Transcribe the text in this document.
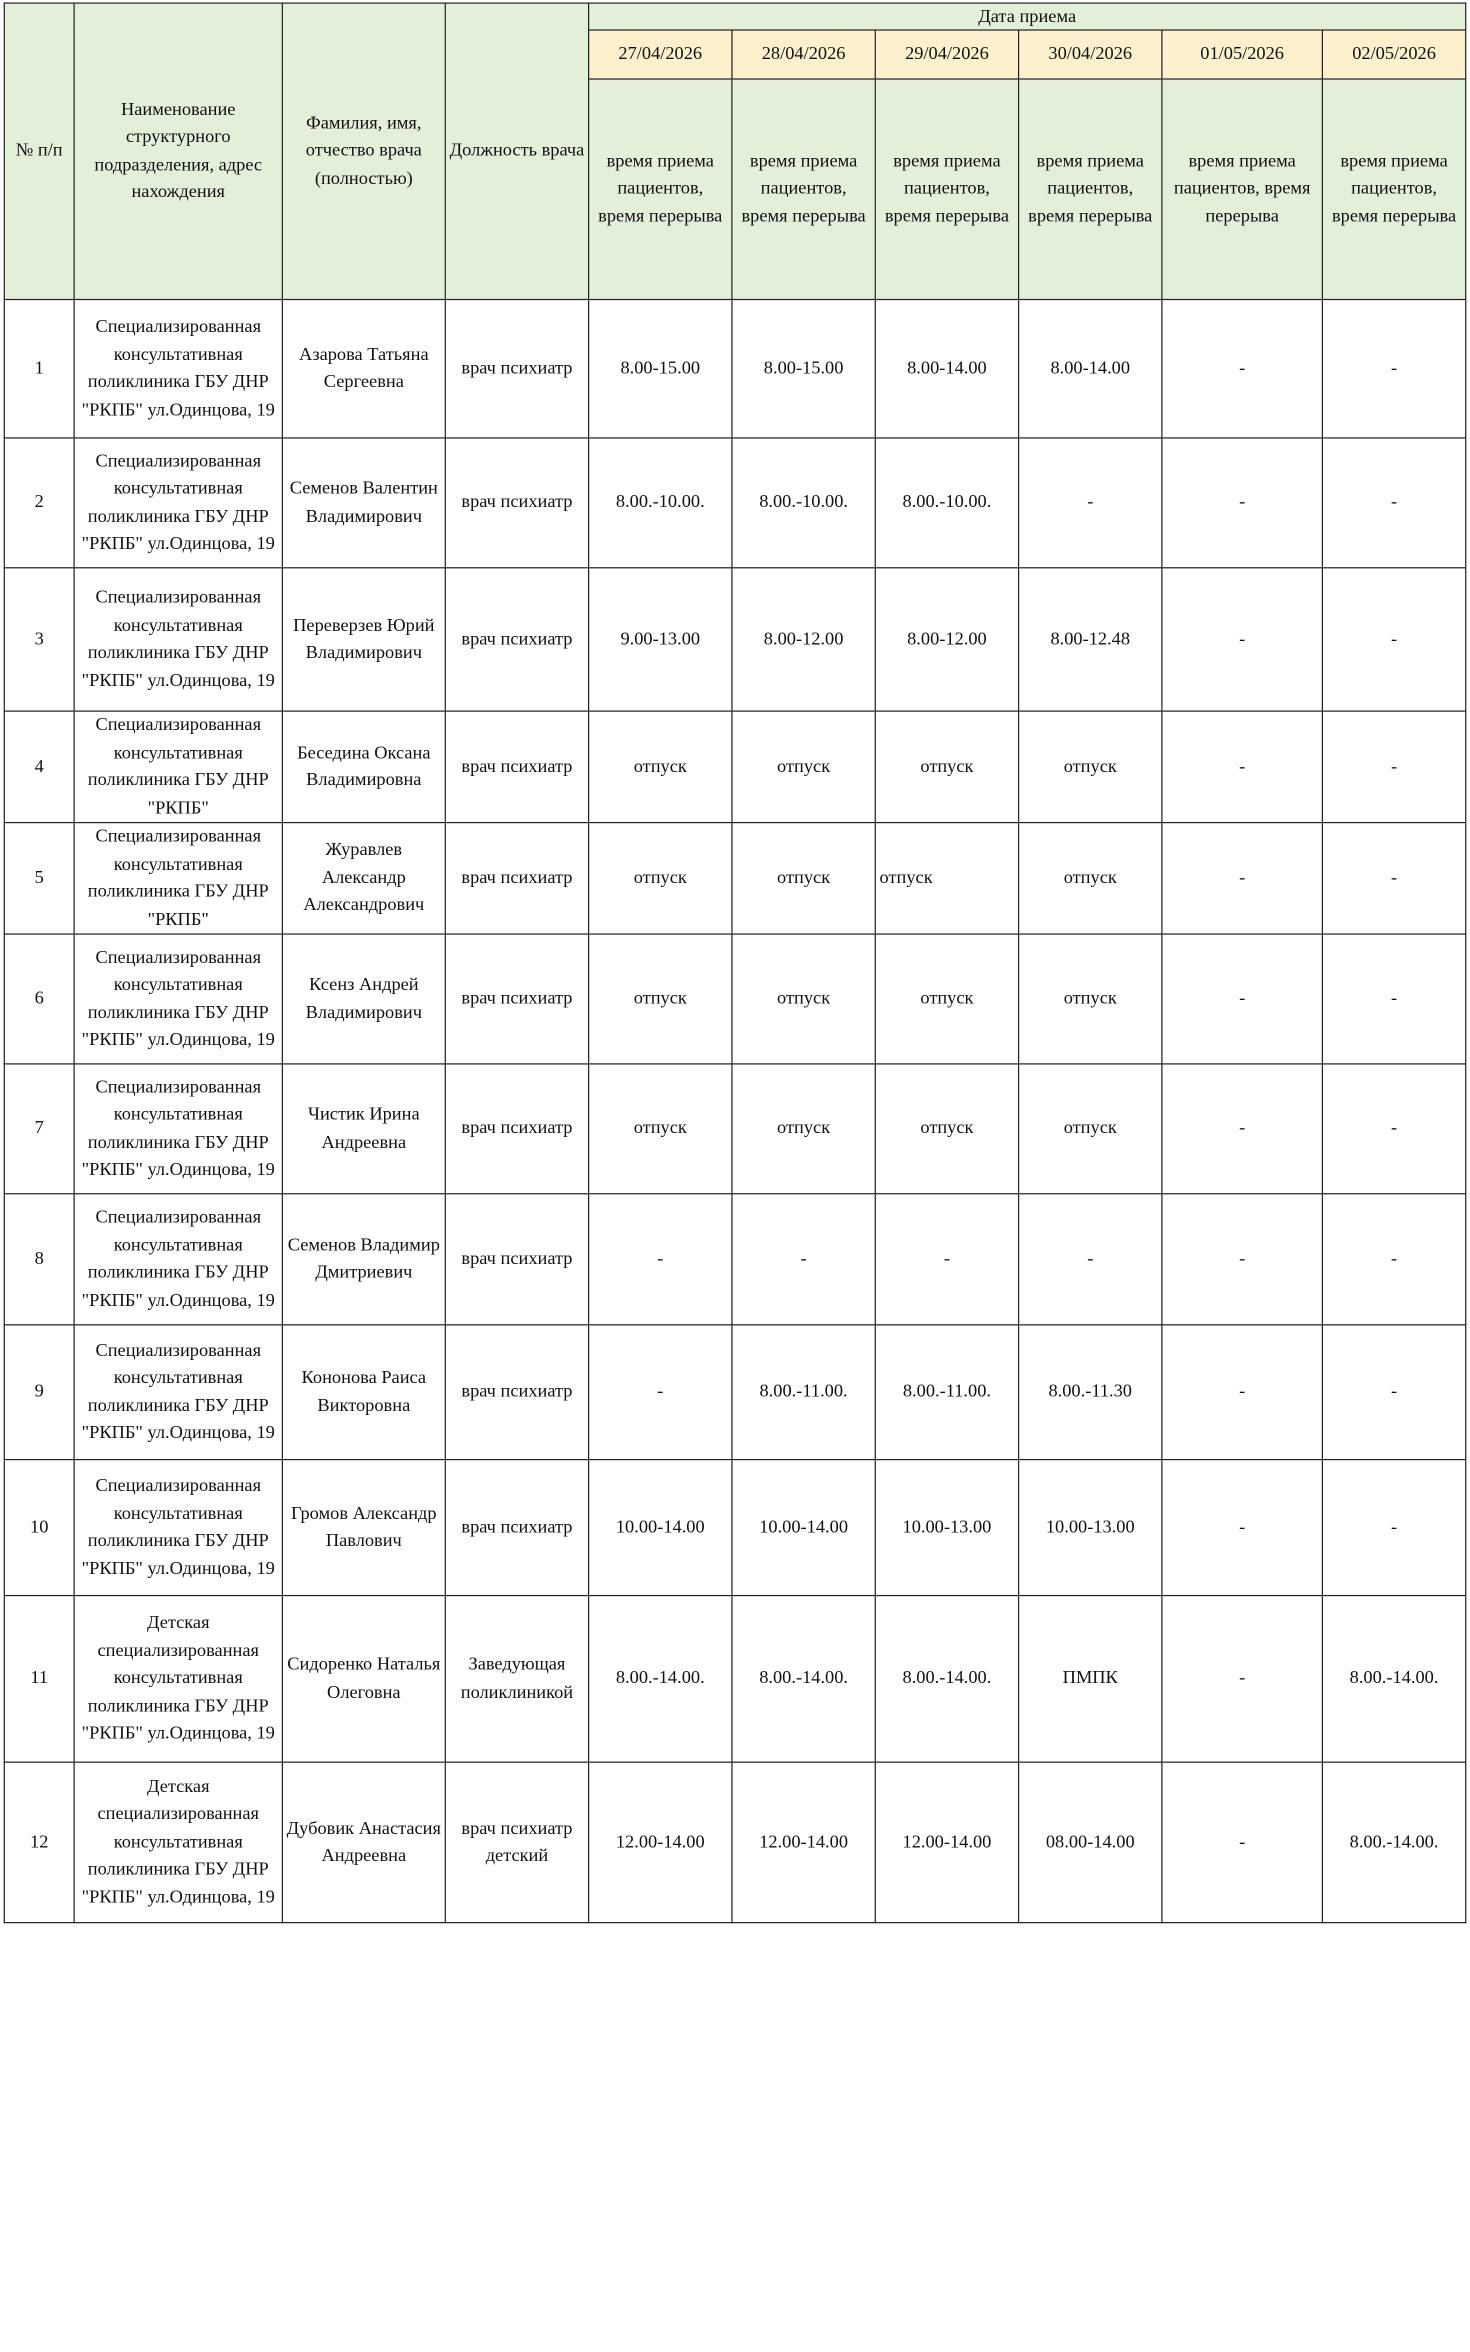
№ п/п	Наименование структурного подразделения, адрес нахождения	Фамилия, имя, отчество врача (полностью)	Должность врача	Дата приема					
				27/04/2026	28/04/2026	29/04/2026	30/04/2026	01/05/2026	02/05/2026
				время приема пациентов, время перерыва	время приема пациентов, время перерыва	время приема пациентов, время перерыва	время приема пациентов, время перерыва	время приема пациентов, время перерыва	время приема пациентов, время перерыва
1	Специализированная консультативная поликлиника ГБУ ДНР "РКПБ" ул.Одинцова, 19	Азарова Татьяна Сергеевна	врач психиатр	8.00-15.00	8.00-15.00	8.00-14.00	8.00-14.00	-	-
2	Специализированная консультативная поликлиника ГБУ ДНР "РКПБ" ул.Одинцова, 19	Семенов Валентин Владимирович	врач психиатр	8.00.-10.00.	8.00.-10.00.	8.00.-10.00.	-	-	-
3	Специализированная консультативная поликлиника ГБУ ДНР "РКПБ" ул.Одинцова, 19	Переверзев Юрий Владимирович	врач психиатр	9.00-13.00	8.00-12.00	8.00-12.00	8.00-12.48	-	-
4	Специализированная консультативная поликлиника ГБУ ДНР "РКПБ"	Беседина Оксана Владимировна	врач психиатр	отпуск	отпуск	отпуск	отпуск	-	-
5	Специализированная консультативная поликлиника ГБУ ДНР "РКПБ"	Журавлев Александр Александрович	врач психиатр	отпуск	отпуск	отпуск	отпуск	-	-
6	Специализированная консультативная поликлиника ГБУ ДНР "РКПБ" ул.Одинцова, 19	Ксенз Андрей Владимирович	врач психиатр	отпуск	отпуск	отпуск	отпуск	-	-
7	Специализированная консультативная поликлиника ГБУ ДНР "РКПБ" ул.Одинцова, 19	Чистик Ирина Андреевна	врач психиатр	отпуск	отпуск	отпуск	отпуск	-	-
8	Специализированная консультативная поликлиника ГБУ ДНР "РКПБ" ул.Одинцова, 19	Семенов Владимир Дмитриевич	врач психиатр	-	-	-	-	-	-
9	Специализированная консультативная поликлиника ГБУ ДНР "РКПБ" ул.Одинцова, 19	Кононова Раиса Викторовна	врач психиатр	-	8.00.-11.00.	8.00.-11.00.	8.00.-11.30	-	-
10	Специализированная консультативная поликлиника ГБУ ДНР "РКПБ" ул.Одинцова, 19	Громов Александр Павлович	врач психиатр	10.00-14.00	10.00-14.00	10.00-13.00	10.00-13.00	-	-
11	Детская специализированная консультативная поликлиника ГБУ ДНР "РКПБ" ул.Одинцова, 19	Сидоренко Наталья Олеговна	Заведующая поликлиникой	8.00.-14.00.	8.00.-14.00.	8.00.-14.00.	ПМПК	-	8.00.-14.00.
12	Детская специализированная консультативная поликлиника ГБУ ДНР "РКПБ" ул.Одинцова, 19	Дубовик Анастасия Андреевна	врач психиатр детский	12.00-14.00	12.00-14.00	12.00-14.00	08.00-14.00	-	8.00.-14.00.
